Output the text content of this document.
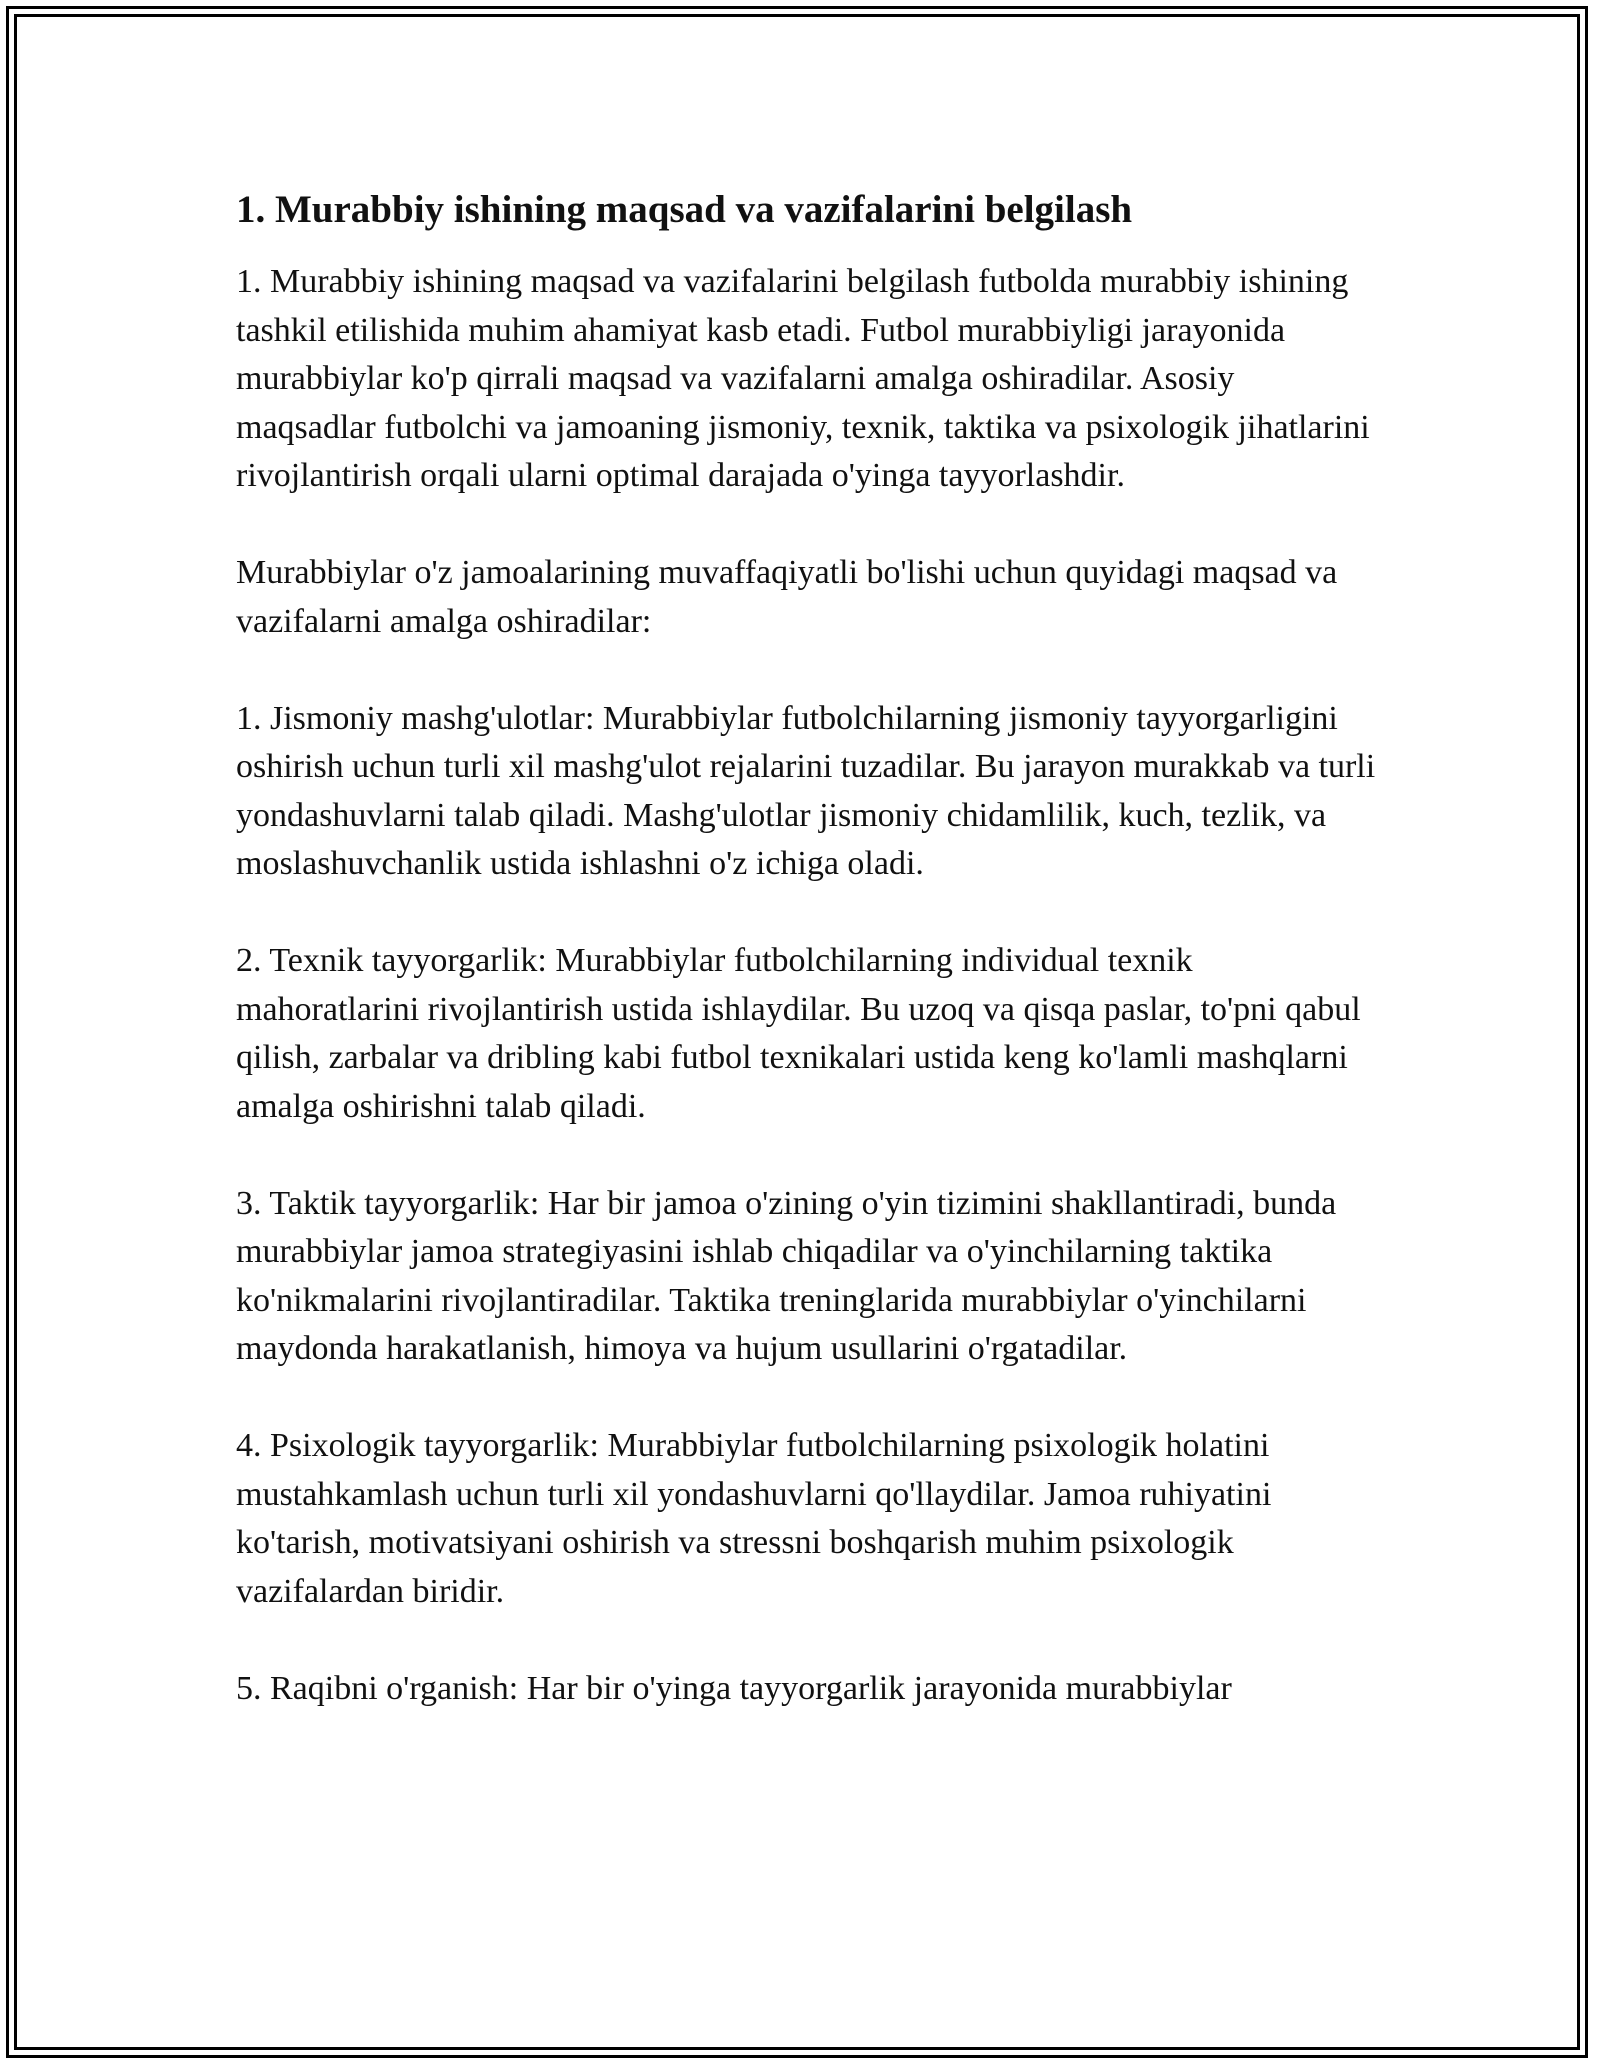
1. Murabbiy ishining maqsad va vazifalarini belgilash

1. Murabbiy ishining maqsad va vazifalarini belgilash futbolda murabbiy ishining tashkil etilishida muhim ahamiyat kasb etadi. Futbol murabbiyligi jarayonida murabbiylar ko'p qirrali maqsad va vazifalarni amalga oshiradilar. Asosiy maqsadlar futbolchi va jamoaning jismoniy, texnik, taktika va psixologik jihatlarini rivojlantirish orqali ularni optimal darajada o'yinga tayyorlashdir.

Murabbiylar o'z jamoalarining muvaffaqiyatli bo'lishi uchun quyidagi maqsad va vazifalarni amalga oshiradilar:

1. Jismoniy mashg'ulotlar: Murabbiylar futbolchilarning jismoniy tayyorgarligini oshirish uchun turli xil mashg'ulot rejalarini tuzadilar. Bu jarayon murakkab va turli yondashuvlarni talab qiladi. Mashg'ulotlar jismoniy chidamlilik, kuch, tezlik, va moslashuvchanlik ustida ishlashni o'z ichiga oladi.

2. Texnik tayyorgarlik: Murabbiylar futbolchilarning individual texnik mahoratlarini rivojlantirish ustida ishlaydilar. Bu uzoq va qisqa paslar, to'pni qabul qilish, zarbalar va dribling kabi futbol texnikalari ustida keng ko'lamli mashqlarni amalga oshirishni talab qiladi.

3. Taktik tayyorgarlik: Har bir jamoa o'zining o'yin tizimini shakllantiradi, bunda murabbiylar jamoa strategiyasini ishlab chiqadilar va o'yinchilarning taktika ko'nikmalarini rivojlantiradilar. Taktika treninglarida murabbiylar o'yinchilarni maydonda harakatlanish, himoya va hujum usullarini o'rgatadilar.

4. Psixologik tayyorgarlik: Murabbiylar futbolchilarning psixologik holatini mustahkamlash uchun turli xil yondashuvlarni qo'llaydilar. Jamoa ruhiyatini ko'tarish, motivatsiyani oshirish va stressni boshqarish muhim psixologik vazifalardan biridir.

5. Raqibni o'rganish: Har bir o'yinga tayyorgarlik jarayonida murabbiylar
